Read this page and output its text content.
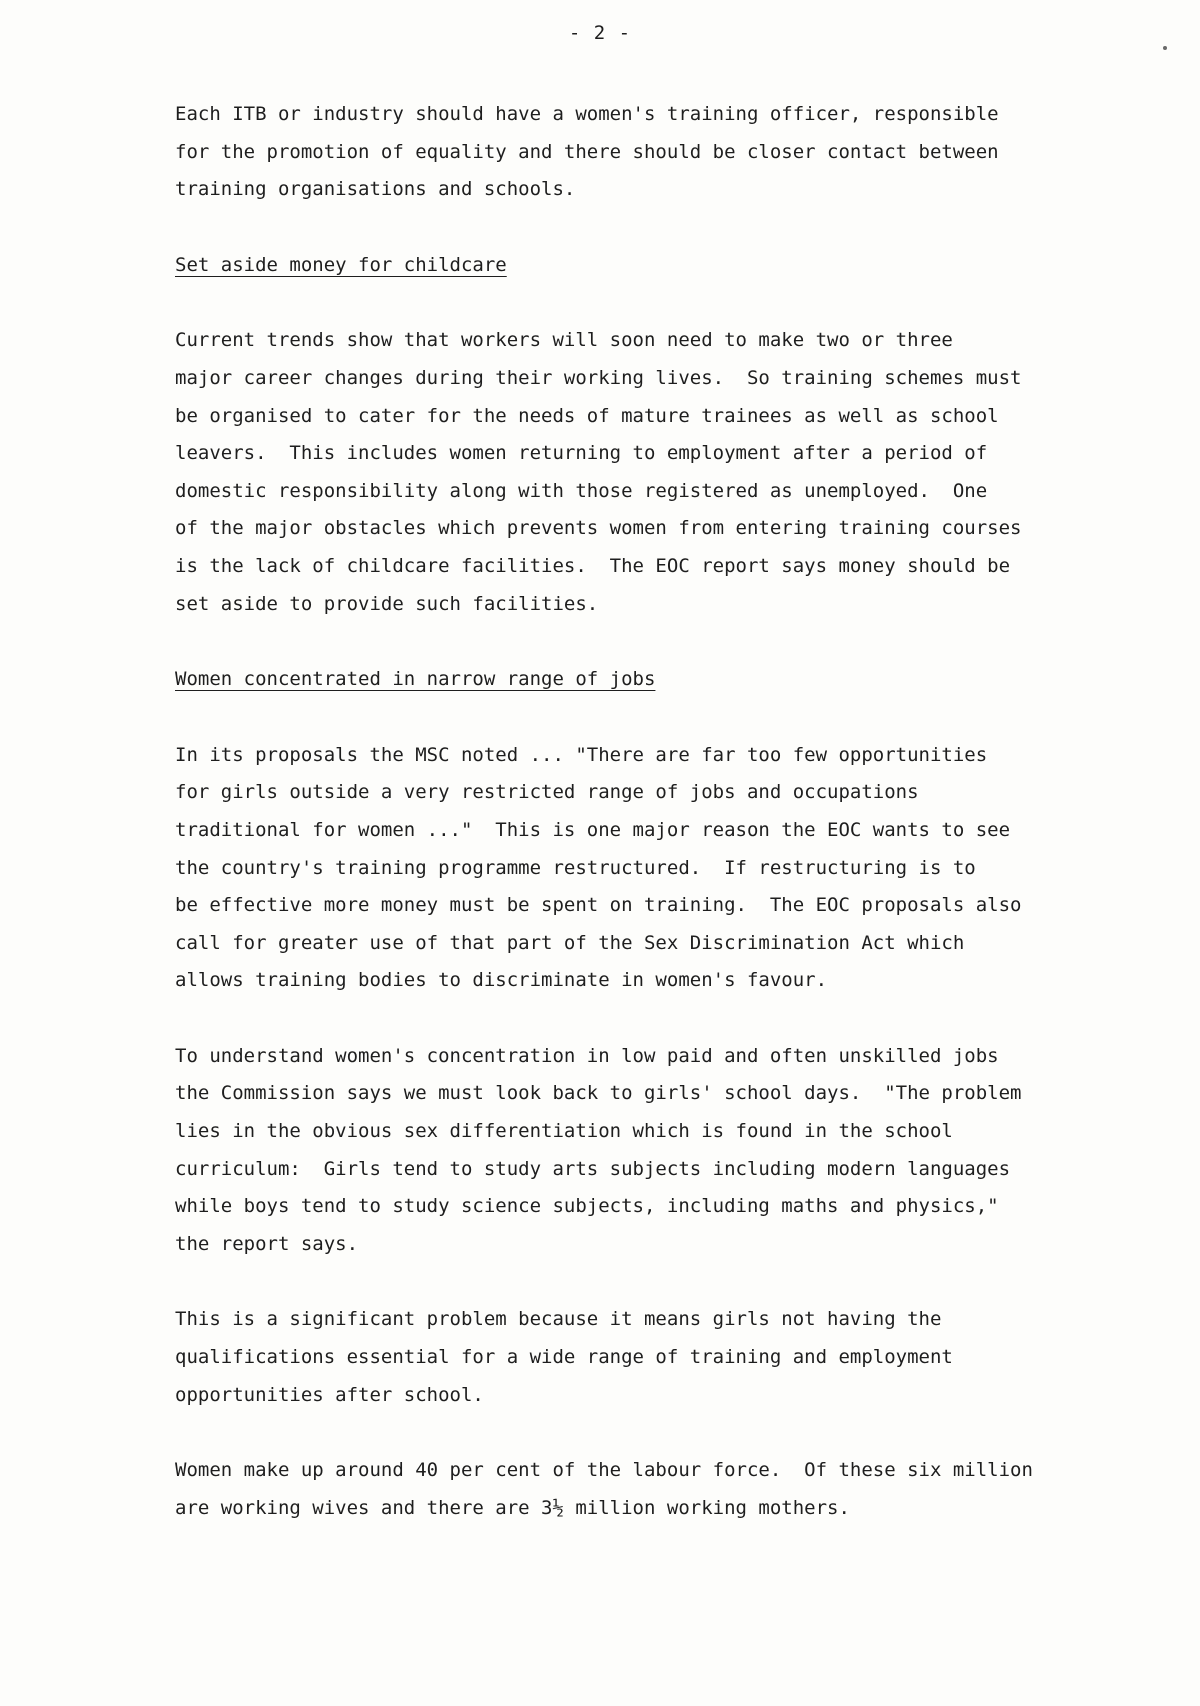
- 2 -
Each ITB or industry should have a women's training officer, responsible
for the promotion of equality and there should be closer contact between
training organisations and schools.
Set aside money for childcare
Current trends show that workers will soon need to make two or three
major career changes during their working lives.  So training schemes must
be organised to cater for the needs of mature trainees as well as school
leavers.  This includes women returning to employment after a period of
domestic responsibility along with those registered as unemployed.  One
of the major obstacles which prevents women from entering training courses
is the lack of childcare facilities.  The EOC report says money should be
set aside to provide such facilities.
Women concentrated in narrow range of jobs
In its proposals the MSC noted ... "There are far too few opportunities
for girls outside a very restricted range of jobs and occupations
traditional for women ..."  This is one major reason the EOC wants to see
the country's training programme restructured.  If restructuring is to
be effective more money must be spent on training.  The EOC proposals also
call for greater use of that part of the Sex Discrimination Act which
allows training bodies to discriminate in women's favour.
To understand women's concentration in low paid and often unskilled jobs
the Commission says we must look back to girls' school days.  "The problem
lies in the obvious sex differentiation which is found in the school
curriculum:  Girls tend to study arts subjects including modern languages
while boys tend to study science subjects, including maths and physics,"
the report says.
This is a significant problem because it means girls not having the
qualifications essential for a wide range of training and employment
opportunities after school.
Women make up around 40 per cent of the labour force.  Of these six million
are working wives and there are 3½ million working mothers.
